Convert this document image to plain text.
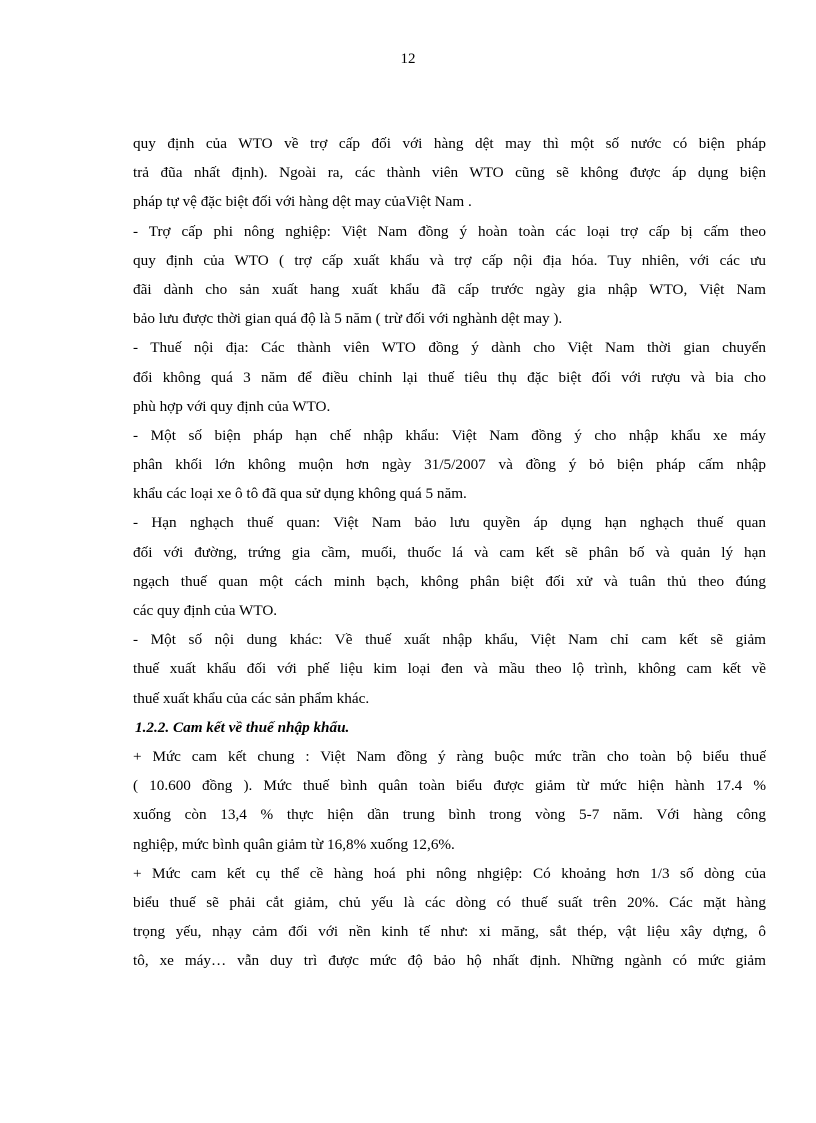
12
quy định của WTO về trợ cấp đối với hàng dệt may thì một số nước có biện pháp
trả đũa nhất định). Ngoài ra, các thành viên WTO cũng sẽ không được áp dụng biện
pháp tự vệ đặc biệt đối với hàng dệt may củaViệt Nam .
- Trợ cấp phi nông nghiệp: Việt Nam đồng ý hoàn toàn các loại trợ cấp bị cấm theo
quy định của WTO ( trợ cấp xuất khẩu và trợ cấp nội địa hóa. Tuy nhiên, với các ưu
đãi dành cho sản xuất hang xuất khẩu đã cấp trước ngày gia nhập WTO, Việt Nam
bảo lưu được thời gian quá độ là 5 năm ( trừ đối với nghành dệt may ).
- Thuế nội địa: Các thành viên WTO đồng ý dành cho Việt Nam thời gian chuyển
đổi không quá 3 năm để điều chỉnh lại thuế tiêu thụ đặc biệt đối với rượu và bia cho
phù hợp với quy định của WTO.
- Một số biện pháp hạn chế nhập khẩu: Việt Nam đồng ý cho nhập khẩu xe máy
phân khối lớn không muộn hơn ngày 31/5/2007 và đồng ý bỏ biện pháp cấm nhập
khẩu các loại xe ô tô đã qua sử dụng không quá 5 năm.
- Hạn nghạch thuế quan: Việt Nam bảo lưu quyền áp dụng hạn nghạch thuế quan
đối với đường, trứng gia cầm, muối, thuốc lá và cam kết sẽ phân bố và quản lý hạn
ngạch thuế quan một cách minh bạch, không phân biệt đối xử và tuân thủ theo đúng
các quy định của WTO.
- Một số nội dung khác: Về thuế xuất nhập khẩu, Việt Nam chỉ cam kết sẽ giảm
thuế xuất khẩu đối với phế liệu kim loại đen và mầu theo lộ trình, không cam kết về
thuế xuất khẩu của các sản phẩm khác.
1.2.2. Cam kết về thuế nhập khẩu.
+ Mức cam kết chung : Việt Nam đồng ý ràng buộc mức trần cho toàn bộ biểu thuế
( 10.600 đồng ). Mức thuế bình quân toàn biểu được giảm từ mức hiện hành 17.4 %
xuống còn 13,4 % thực hiện dần trung bình trong vòng 5-7 năm. Với hàng công
nghiệp, mức bình quân giảm từ 16,8% xuống 12,6%.
+ Mức cam kết cụ thể cề hàng hoá phi nông nhgiệp: Có khoảng hơn 1/3 số dòng của
biểu thuế sẽ phải cắt giảm, chủ yếu là các dòng có thuế suất trên 20%. Các mặt hàng
trọng yếu, nhạy cảm đối với nền kinh tế như: xi măng, sắt thép, vật liệu xây dựng, ô
tô, xe máy… vẫn duy trì được mức độ bảo hộ nhất định. Những ngành có mức giảm
